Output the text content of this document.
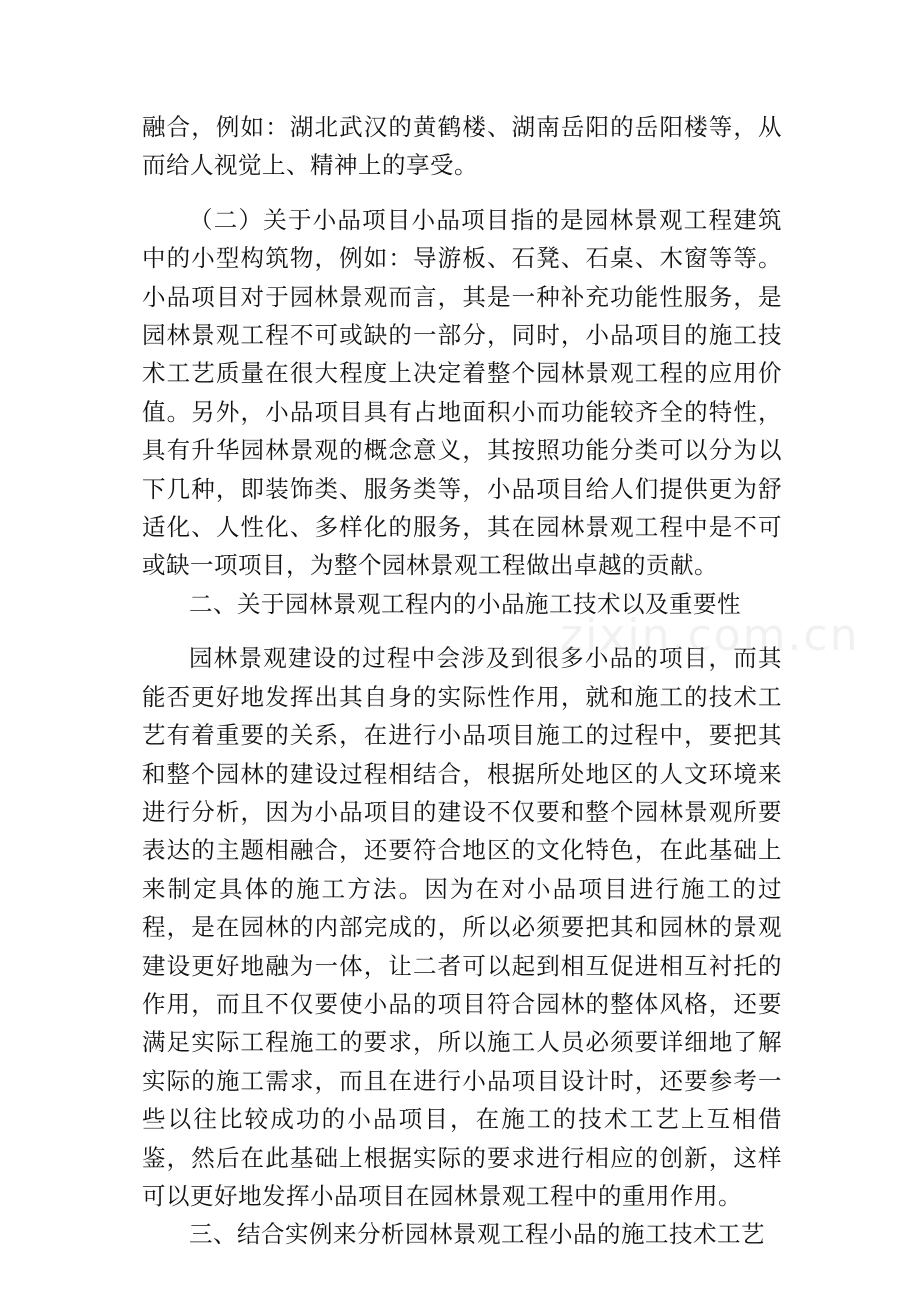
融合，例如：湖北武汉的黄鹤楼、湖南岳阳的岳阳楼等，从而给人视觉上、精神上的享受。

（二）关于小品项目小品项目指的是园林景观工程建筑中的小型构筑物，例如：导游板、石凳、石桌、木窗等等。小品项目对于园林景观而言，其是一种补充功能性服务，是园林景观工程不可或缺的一部分，同时，小品项目的施工技术工艺质量在很大程度上决定着整个园林景观工程的应用价值。另外，小品项目具有占地面积小而功能较齐全的特性，具有升华园林景观的概念意义，其按照功能分类可以分为以下几种，即装饰类、服务类等，小品项目给人们提供更为舒适化、人性化、多样化的服务，其在园林景观工程中是不可或缺一项项目，为整个园林景观工程做出卓越的贡献。

二、关于园林景观工程内的小品施工技术以及重要性

园林景观建设的过程中会涉及到很多小品的项目，而其能否更好地发挥出其自身的实际性作用，就和施工的技术工艺有着重要的关系，在进行小品项目施工的过程中，要把其和整个园林的建设过程相结合，根据所处地区的人文环境来进行分析，因为小品项目的建设不仅要和整个园林景观所要表达的主题相融合，还要符合地区的文化特色，在此基础上来制定具体的施工方法。因为在对小品项目进行施工的过程，是在园林的内部完成的，所以必须要把其和园林的景观建设更好地融为一体，让二者可以起到相互促进相互衬托的作用，而且不仅要使小品的项目符合园林的整体风格，还要满足实际工程施工的要求，所以施工人员必须要详细地了解实际的施工需求，而且在进行小品项目设计时，还要参考一些以往比较成功的小品项目，在施工的技术工艺上互相借鉴，然后在此基础上根据实际的要求进行相应的创新，这样可以更好地发挥小品项目在园林景观工程中的重用作用。

三、结合实例来分析园林景观工程小品的施工技术工艺

zixin.com.cn
